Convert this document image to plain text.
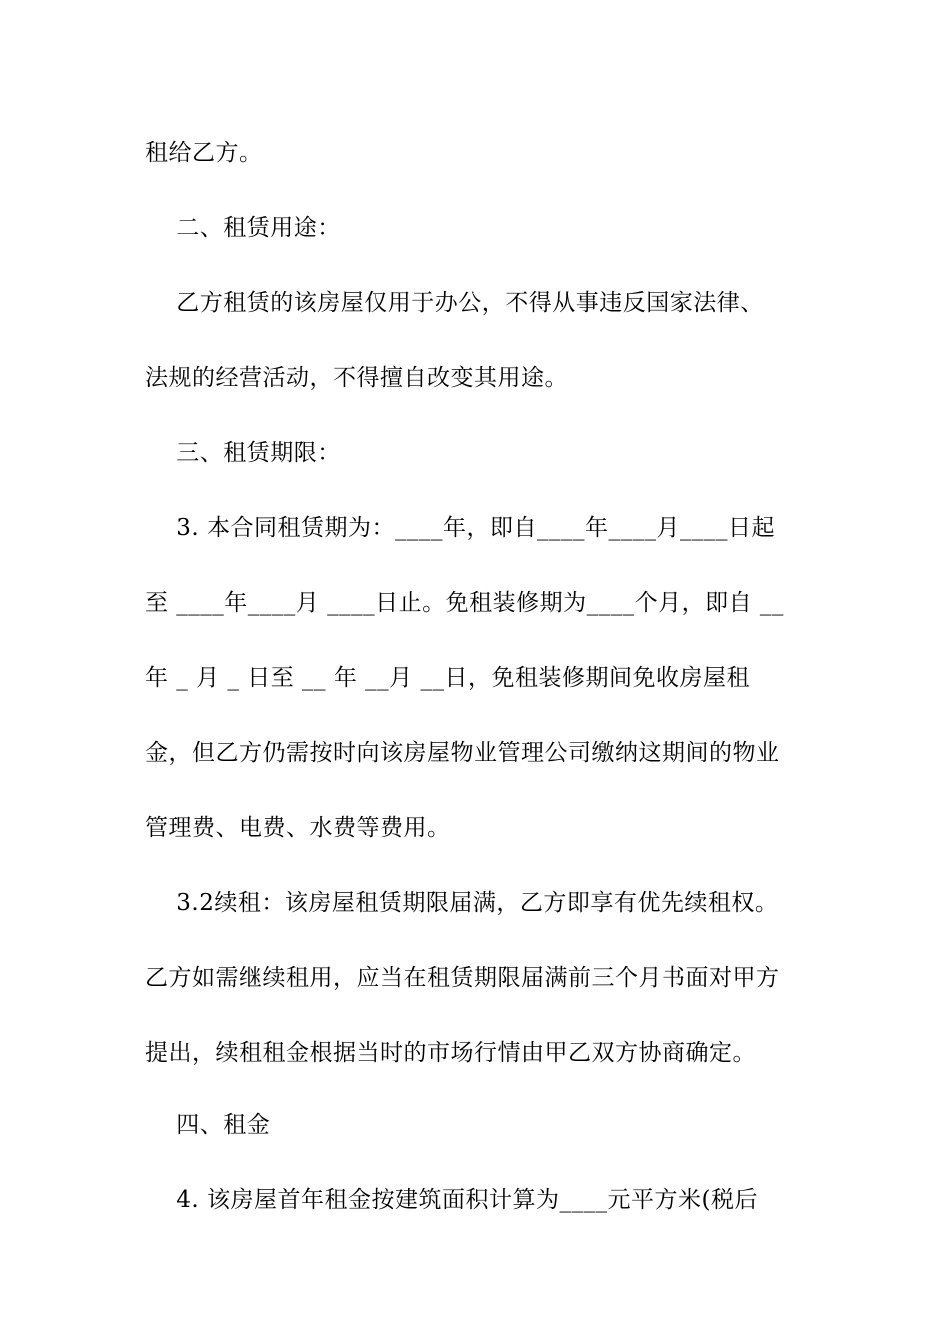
租给乙方。
二、租赁用途：
乙方租赁的该房屋仅用于办公，不得从事违反国家法律、
法规的经营活动，不得擅自改变其用途。
三、租赁期限：
3. 本合同租赁期为：____年，即自____年____月____日起
至 ____年____月 ____日止。免租装修期为____个月，即自 __
年 _ 月 _ 日至 __ 年 __月 __日，免租装修期间免收房屋租
金，但乙方仍需按时向该房屋物业管理公司缴纳这期间的物业
管理费、电费、水费等费用。
3.2续租：该房屋租赁期限届满，乙方即享有优先续租权。
乙方如需继续租用，应当在租赁期限届满前三个月书面对甲方
提出，续租租金根据当时的市场行情由甲乙双方协商确定。
四、租金
4. 该房屋首年租金按建筑面积计算为____元平方米(税后
